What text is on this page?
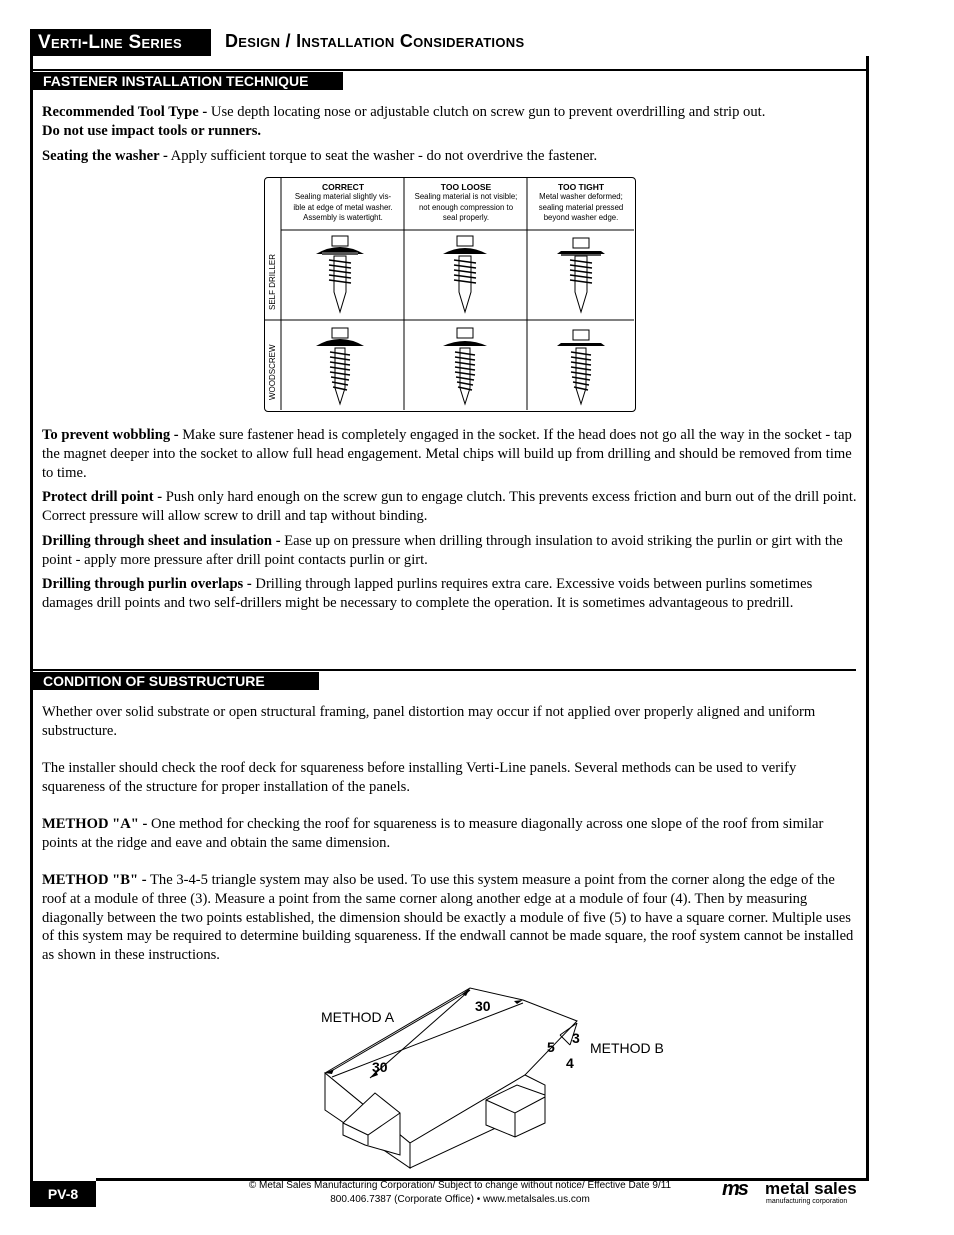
Verti-Line Series	Design / Installation Considerations
FASTENER INSTALLATION TECHNIQUE
Recommended Tool Type - Use depth locating nose or adjustable clutch on screw gun to prevent overdrilling and strip out.
Do not use impact tools or runners.
Seating the washer - Apply sufficient torque to seat the washer - do not overdrive the fastener.
CORRECT
Sealing material slightly vis-
ible at edge of metal washer.
Assembly is watertight.
TOO LOOSE
Sealing material is not visible;
not enough compression to
seal properly.
TOO TIGHT
Metal washer deformed;
sealing material pressed
beyond washer edge.
SELF DRILLER
WOODSCREW
To prevent wobbling - Make sure fastener head is completely engaged in the socket. If the head does not go all the way in the socket - tap the magnet deeper into the socket to allow full head engagement. Metal chips will build up from drilling and should be removed from time to time.
Protect drill point - Push only hard enough on the screw gun to engage clutch. This prevents excess friction and burn out of the drill point. Correct pressure will allow screw to drill and tap without binding.
Drilling through sheet and insulation - Ease up on pressure when drilling through insulation to avoid striking the purlin or girt with the point - apply more pressure after drill point contacts purlin or girt.
Drilling through purlin overlaps - Drilling through lapped purlins requires extra care. Excessive voids between purlins sometimes damages drill points and two self-drillers might be necessary to complete the operation. It is sometimes advantageous to predrill.
CONDITION OF SUBSTRUCTURE
Whether over solid substrate or open structural framing, panel distortion may occur if not applied over properly aligned and uniform substructure.
The installer should check the roof deck for squareness before installing Verti-Line panels. Several methods can be used to verify squareness of the structure for proper installation of the panels.
METHOD "A" - One method for checking the roof for squareness is to measure diagonally across one slope of the roof from similar points at the ridge and eave and obtain the same dimension.
METHOD "B" - The 3-4-5 triangle system may also be used. To use this system measure a point from the corner along the edge of the roof at a module of three (3). Measure a point from the same corner along another edge at a module of four (4). Then by measuring diagonally between the two points established, the dimension should be exactly a module of five (5) to have a square corner. Multiple uses of this system may be required to determine building squareness. If the endwall cannot be made square, the roof system cannot be installed as shown in these instructions.
METHOD A
METHOD B
30
30
3
5
4
PV-8
© Metal Sales Manufacturing Corporation/ Subject to change without notice/ Effective Date 9/11
800.406.7387 (Corporate Office) • www.metalsales.us.com	ms metal sales
manufacturing corporation
